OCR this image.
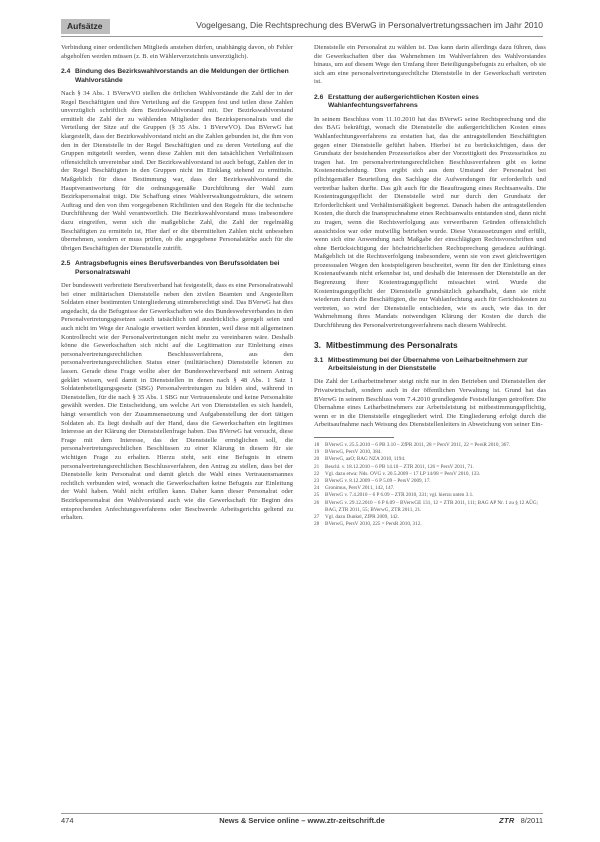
Aufsätze	Vogelgesang, Die Rechtsprechung des BVerwG in Personalvertretungssachen im Jahr 2010

Verbindung einer ordentlichen Mitglieds anstehen dürfen, unabhängig davon, ob Fehler abgeholfen werden müssen (z. B. ein Wählerverzeichnis unverzüglich).

2.4 Bindung des Bezirkswahlvorstands an die Meldungen der örtlichen Wahlvorstände

Nach § 34 Abs. 1 BVerwVO stellen die örtlichen Wahlvorstände die Zahl der in der Regel Beschäftigten und ihre Verteilung auf die Gruppen fest und teilen diese Zahlen unverzüglich schriftlich dem Bezirkswahlvorstand mit. Der Bezirkswahlvorstand ermittelt die Zahl der zu wählenden Mitglieder des Bezirkspersonalrats und die Verteilung der Sitze auf die Gruppen (§ 35 Abs. 1 BVerwVO). Das BVerwG hat klargestellt, dass der Bezirkswahlvorstand nicht an die Zahlen gebunden ist, die ihm von den in der Dienststelle in der Regel Beschäftigten und zu deren Verteilung auf die Gruppen mitgeteilt werden, wenn diese Zahlen mit den tatsächlichen Verhältnissen offensichtlich unvereinbar sind. Der Bezirkswahlvorstand ist auch befugt, Zahlen der in der Regel Beschäftigten in den Gruppen nicht im Einklang stehend zu ermitteln. Maßgeblich für diese Bestimmung war, dass der Bezirkswahlvorstand die Hauptverantwortung für die ordnungsgemäße Durchführung der Wahl zum Bezirkspersonalrat trägt. Die Schaffung eines Wahlverwaltungsstrukturs, die seinem Auftrag und den von ihm vorgegebenen Richtlinien und den Regeln für die technische Durchführung der Wahl verantwortlich. Die Bezirkswahlvorstand muss insbesondere dazu eingreifen, wenn sich die maßgebliche Zahl, die Zahl der regelmäßig Beschäftigten zu ermitteln ist, Hier darf er die übermittelten Zahlen nicht unbesehen übernehmen, sondern er muss prüfen, ob die angegebene Personalstärke auch für die übrigen Beschäftigten der Dienststelle zutrifft.

2.5 Antragsbefugnis eines Berufsverbandes von Berufssoldaten bei Personalratswahl

Der bundesweit verbreitete Berufsverband hat festgestellt, dass es eine Personalratswahl bei einer militärischen Dienststelle neben den zivilen Beamten und Angestellten Soldaten einer bestimmten Untergliederung stimmberechtigt sind. Das BVerwG hat dies angedacht, da die Befugnisse der Gewerkschaften wie des Bundeswehrverbandes in den Personalvertretungsgesetzen »auch tatsächlich und ausdrücklich« geregelt seien und auch nicht im Wege der Analogie erweitert werden könnten, weil diese mit allgemeinen Kontrollrecht wie der Personalvertretungen nicht mehr zu vereinbaren wäre. Deshalb könne die Gewerkschaften sich nicht auf die Legitimation zur Einleitung eines personalvertretungsrechtlichen Beschlussverfahrens, aus den personalvertretungsrechtlichen Status einer (militärischen) Dienststelle können zu lassen. Gerade diese Frage wollte aber der Bundeswehrverband mit seinem Antrag geklärt wissen, weil damit in Dienststellen in denen nach § 48 Abs. 1 Satz 1 Soldatenbeteiligungsgesetz (SBG) Personalvertretungen zu bilden sind, während in Dienststellen, für die nach § 35 Abs. 1 SBG nur Vertrauensleute und keine Personalräte gewählt werden. Die Entscheidung, um welche Art von Dienststellen es sich handelt, hängt wesentlich von der Zusammensetzung und Aufgabenstellung der dort tätigen Soldaten ab. Es liegt deshalb auf der Hand, dass die Gewerkschaften ein legitimes Interesse an der Klärung der Dienststellenfrage haben. Das BVerwG hat versucht, diese Frage mit dem Interesse, das der Dienststelle ermöglichen soll, die personalvertretungsrechtlichen Beschlüssen zu einer Klärung in diesem für sie wichtigen Frage zu erhalten. Hierzu steht, seit eine Befugnis in einem personalvertretungsrechtlichen Beschlussverfahren, den Antrag zu stellen, dass bei der Dienststelle kein Personalrat und damit gleich die Wahl eines Vertrauensmannes rechtlich verbunden wird, wonach die Gewerkschaften keine Befugnis zur Einleitung der Wahl haben. Wahl nicht erfüllen kann. Daher kann dieser Personalrat oder Bezirkspersonalrat den Wahlvorstand auch wie die Gewerkschaft für Beginn des entsprechenden Anfechtungsverfahrens oder Beschwerde Arbeitsgerichts geltend zu erhalten.

Dienststelle ein Personalrat zu wählen ist. Das kann darin allerdings dazu führen, dass die Gewerkschaften über das Wahrnehmen im Wahlverfahren des Wahlvorstandes hinaus, um auf diesem Wege den Umfang ihrer Beteiligungsbefugnis zu erhalten, ob sie sich am eine personalvertretungsrechtliche Dienststelle in der Gewerkschaft vertreten ist.

2.6 Erstattung der außergerichtlichen Kosten eines Wahlanfechtungsverfahrens

In seinem Beschluss vom 11.10.2010 hat das BVerwG seine Rechtsprechung und die des BAG bekräftigt, wonach die Dienststelle die außergerichtlichen Kosten eines Wahlanfechtungsverfahrens zu erstatten hat, das die antragstellenden Beschäftigten gegen einer Dienststelle geführt haben. Hierbei ist zu berücksichtigen, dass der Grundsatz der bestehenden Prozessrisikos aber der Vorzeitigkeit des Prozessrisikos zu tragen hat. Im personalvertretungsrechtlichen Beschlussverfahren gibt es keine Kostenentscheidung. Dies ergibt sich aus dem Umstand der Personalrat bei pflichtgemäßer Beurteilung des Sachlage die Aufwendungen für erforderlich und vertretbar halten durfte. Das gilt auch für die Beauftragung eines Rechtsanwalts. Die Kostentragungspflicht der Dienststelle wird nur durch den Grundsatz der Erforderlichkeit und Verhältnismäßigkeit begrenzt. Danach haben die antragstellenden Kosten, die durch die Inanspruchnahme eines Rechtsanwalts entstanden sind, dann nicht zu tragen, wenn die Rechtsverfolgung aus verwertbaren Gründen offensichtlich aussichtslos war oder mutwillig betrieben wurde. Diese Voraussetzungen sind erfüllt, wenn sich eine Anwendung nach Maßgabe der einschlägigen Rechtsvorschriften und ohne Berücksichtigung der höchstrichterlichen Rechtsprechung geradezu aufdrängt. Maßgeblich ist die Rechtsverfolgung insbesondere, wenn sie von zwei gleichwertigen prozessualen Wegen den kostspieligeren beschreitet, wenn für den der Einleitung eines Kostenaufwands nicht erkennbar ist, und deshalb die Interessen der Dienststelle an der Begrenzung ihrer Kostentragungspflicht missachtet wird. Wurde die Kostentragungspflicht der Dienststelle grundsätzlich gehandhabt, dann sie nicht wiederum durch die Beschäftigten, die nur Wahlanfechtung auch für Gerichtskosten zu vertreten, so wird der Dienststelle entschieden, wie es auch, wie das in der Wahrnehmung ihres Mandats notwendigen Klärung der Kosten die durch die Durchführung des Personalvertretungsverfahrens nach diesem Wahlrecht.

3. Mitbestimmung des Personalrats
3.1 Mitbestimmung bei der Übernahme von Leiharbeitnehmern zur Arbeitsleistung in der Dienststelle

Die Zahl der Leiharbeitnehmer steigt nicht nur in den Betrieben und Dienststellen der Privatwirtschaft, sondern auch in der öffentlichen Verwaltung ist. Grund hat das BVerwG in seinem Beschluss vom 7.4.2010 grundlegende Feststellungen getroffen: Die Übernahme eines Leiharbeitnehmers zur Arbeitsleistung ist mitbestimmungspflichtig, wenn er in die Dienststelle eingegliedert wird. Die Eingliederung erfolgt durch die Arbeitsaufnahme nach Weisung des Dienststellenleiters in Abweichung von seiner Ein-

18 BVerwG v. 25.5.2010 – 6 PB 3.10 – ZfPR 2011, 28 = PersV 2011, 22 = PersR 2010, 367.
19 BVerwG, PersV 2010, 384.
20 BVerwG, aaO; BAG NZA 2010, 1194.
21 Beschl. v. 18.12.2010 – 6 PB 14.10 – ZTR 2011, 126 = PersV 2011, 71.
22 Vgl. dazu etwa: Nds. OVG v. 20.5.2009 – 17 LP 14/08 = PersV 2010, 133.
23 BVerwG v. 8.12.2009 – 6 P 5.09 – PersV 2009, 17.
24 Gronimus, PersV 2011, 142, 147.
25 BVerwG v. 7.4.2010 – 6 P 6.09 – ZTR 2010, 331; vgl. hierzu unten 3.1.
26 BVerwG v. 29.12.2010 – 6 P 6.09 – BVerwGE 131, 12 = ZTR 2011, 111; BAG AP Nr. 1 zu § 12 AÜG; BAG, ZTR 2011, 55; BVerwG, ZTR 2011, 21.
27 Vgl. dazu Dunkel, ZfPR 2009, 142.
28 BVerwG, PersV 2010, 225 = PersR 2010, 312.
474	News & Service online – www.ztr-zeitschrift.de	ZTR 8/2011
